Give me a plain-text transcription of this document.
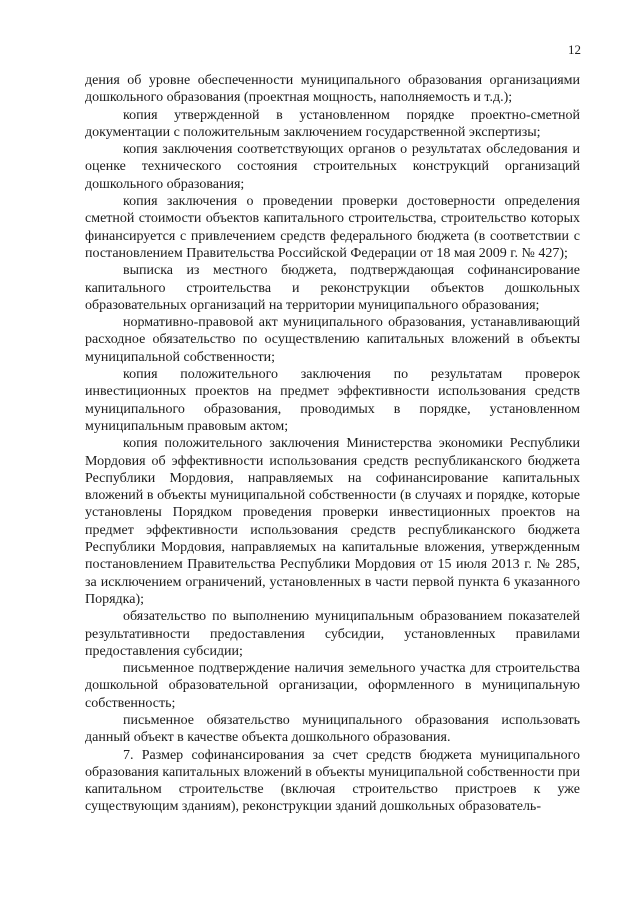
12

дения об уровне обеспеченности муниципального образования организациями дошкольного образования (проектная мощность, наполняемость и т.д.);

копия утвержденной в установленном порядке проектно-сметной документации с положительным заключением государственной экспертизы;

копия заключения соответствующих органов о результатах обследования и оценке технического состояния строительных конструкций организаций дошкольного образования;

копия заключения о проведении проверки достоверности определения сметной стоимости объектов капитального строительства, строительство которых финансируется с привлечением средств федерального бюджета (в соответствии с постановлением Правительства Российской Федерации от 18 мая 2009 г. № 427);

выписка из местного бюджета, подтверждающая софинансирование капитального строительства и реконструкции объектов дошкольных образовательных организаций на территории муниципального образования;

нормативно-правовой акт муниципального образования, устанавливающий расходное обязательство по осуществлению капитальных вложений в объекты муниципальной собственности;

копия положительного заключения по результатам проверок инвестиционных проектов на предмет эффективности использования средств муниципального образования, проводимых в порядке, установленном муниципальным правовым актом;

копия положительного заключения Министерства экономики Республики Мордовия об эффективности использования средств республиканского бюджета Республики Мордовия, направляемых на софинансирование капитальных вложений в объекты муниципальной собственности (в случаях и порядке, которые установлены Порядком проведения проверки инвестиционных проектов на предмет эффективности использования средств республиканского бюджета Республики Мордовия, направляемых на капитальные вложения, утвержденным постановлением Правительства Республики Мордовия от 15 июля 2013 г. № 285, за исключением ограничений, установленных в части первой пункта 6 указанного Порядка);

обязательство по выполнению муниципальным образованием показателей результативности предоставления субсидии, установленных правилами предоставления субсидии;

письменное подтверждение наличия земельного участка для строительства дошкольной образовательной организации, оформленного в муниципальную собственность;

письменное обязательство муниципального образования использовать данный объект в качестве объекта дошкольного образования.

7. Размер софинансирования за счет средств бюджета муниципального образования капитальных вложений в объекты муниципальной собственности при капитальном строительстве (включая строительство пристроев к уже существующим зданиям), реконструкции зданий дошкольных образователь-
